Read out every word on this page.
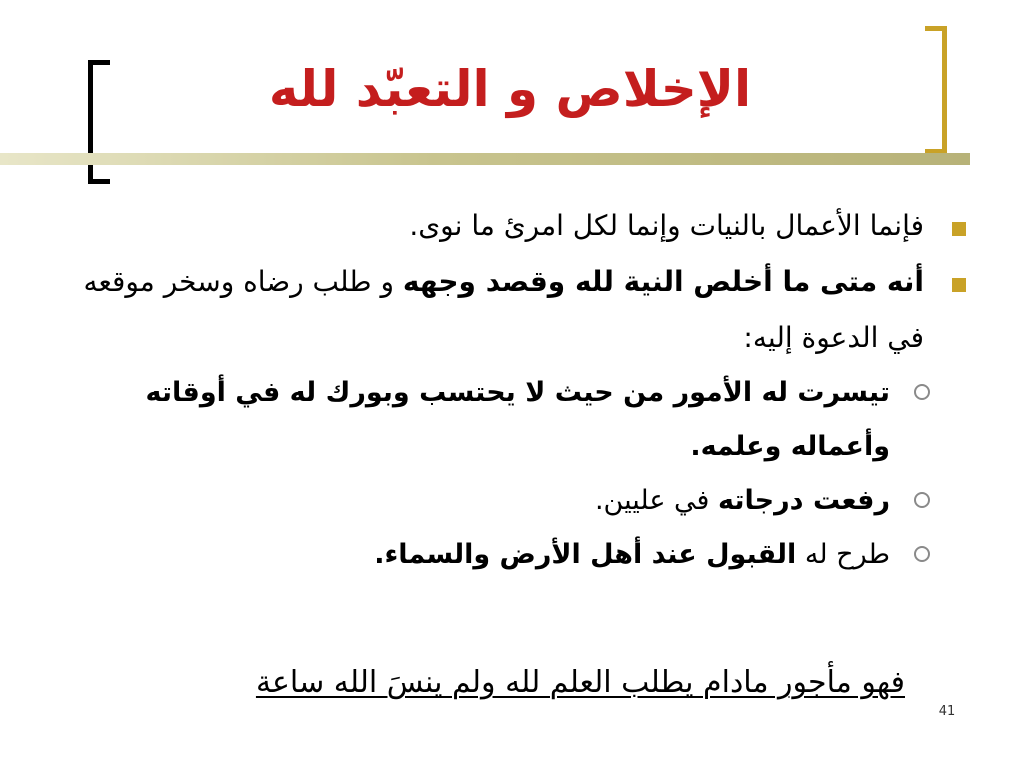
الإخلاص و التعبّد لله
فإنما الأعمال بالنيات وإنما لكل امرئ ما نوى.
أنه متى ما أخلص النية لله وقصد وجهه و طلب رضاه وسخر موقعه في الدعوة إليه:
تيسرت له الأمور من حيث لا يحتسب وبورك له في أوقاته وأعماله وعلمه.
رفعت درجاته في عليين.
طرح له القبول عند أهل الأرض والسماء.
فهو مأجور مادام يطلب العلم لله ولم ينسَ الله ساعة
41
